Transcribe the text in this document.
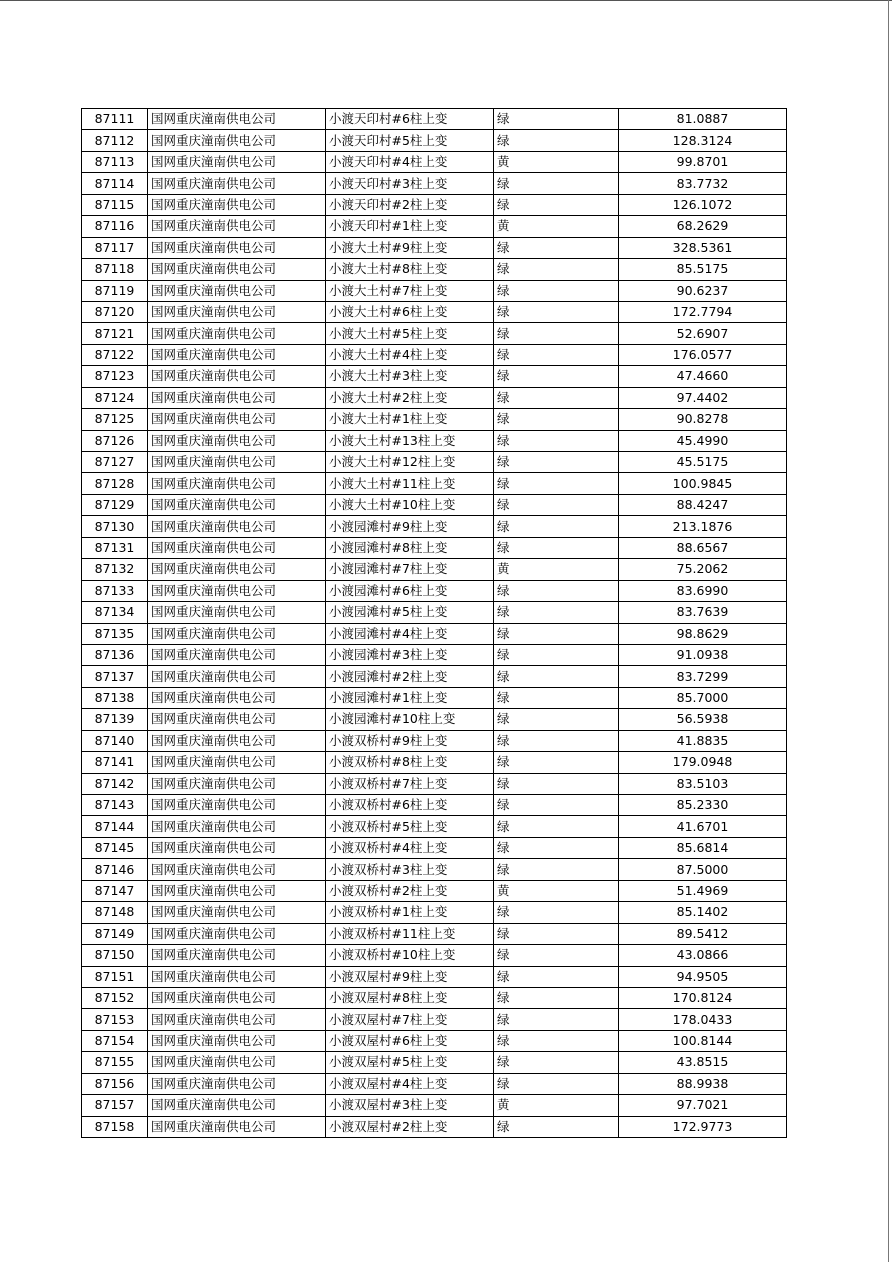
87111	国网重庆潼南供电公司	小渡天印村#6柱上变	绿	81.0887
87112	国网重庆潼南供电公司	小渡天印村#5柱上变	绿	128.3124
87113	国网重庆潼南供电公司	小渡天印村#4柱上变	黄	99.8701
87114	国网重庆潼南供电公司	小渡天印村#3柱上变	绿	83.7732
87115	国网重庆潼南供电公司	小渡天印村#2柱上变	绿	126.1072
87116	国网重庆潼南供电公司	小渡天印村#1柱上变	黄	68.2629
87117	国网重庆潼南供电公司	小渡大土村#9柱上变	绿	328.5361
87118	国网重庆潼南供电公司	小渡大土村#8柱上变	绿	85.5175
87119	国网重庆潼南供电公司	小渡大土村#7柱上变	绿	90.6237
87120	国网重庆潼南供电公司	小渡大土村#6柱上变	绿	172.7794
87121	国网重庆潼南供电公司	小渡大土村#5柱上变	绿	52.6907
87122	国网重庆潼南供电公司	小渡大土村#4柱上变	绿	176.0577
87123	国网重庆潼南供电公司	小渡大土村#3柱上变	绿	47.4660
87124	国网重庆潼南供电公司	小渡大土村#2柱上变	绿	97.4402
87125	国网重庆潼南供电公司	小渡大土村#1柱上变	绿	90.8278
87126	国网重庆潼南供电公司	小渡大土村#13柱上变	绿	45.4990
87127	国网重庆潼南供电公司	小渡大土村#12柱上变	绿	45.5175
87128	国网重庆潼南供电公司	小渡大土村#11柱上变	绿	100.9845
87129	国网重庆潼南供电公司	小渡大土村#10柱上变	绿	88.4247
87130	国网重庆潼南供电公司	小渡园滩村#9柱上变	绿	213.1876
87131	国网重庆潼南供电公司	小渡园滩村#8柱上变	绿	88.6567
87132	国网重庆潼南供电公司	小渡园滩村#7柱上变	黄	75.2062
87133	国网重庆潼南供电公司	小渡园滩村#6柱上变	绿	83.6990
87134	国网重庆潼南供电公司	小渡园滩村#5柱上变	绿	83.7639
87135	国网重庆潼南供电公司	小渡园滩村#4柱上变	绿	98.8629
87136	国网重庆潼南供电公司	小渡园滩村#3柱上变	绿	91.0938
87137	国网重庆潼南供电公司	小渡园滩村#2柱上变	绿	83.7299
87138	国网重庆潼南供电公司	小渡园滩村#1柱上变	绿	85.7000
87139	国网重庆潼南供电公司	小渡园滩村#10柱上变	绿	56.5938
87140	国网重庆潼南供电公司	小渡双桥村#9柱上变	绿	41.8835
87141	国网重庆潼南供电公司	小渡双桥村#8柱上变	绿	179.0948
87142	国网重庆潼南供电公司	小渡双桥村#7柱上变	绿	83.5103
87143	国网重庆潼南供电公司	小渡双桥村#6柱上变	绿	85.2330
87144	国网重庆潼南供电公司	小渡双桥村#5柱上变	绿	41.6701
87145	国网重庆潼南供电公司	小渡双桥村#4柱上变	绿	85.6814
87146	国网重庆潼南供电公司	小渡双桥村#3柱上变	绿	87.5000
87147	国网重庆潼南供电公司	小渡双桥村#2柱上变	黄	51.4969
87148	国网重庆潼南供电公司	小渡双桥村#1柱上变	绿	85.1402
87149	国网重庆潼南供电公司	小渡双桥村#11柱上变	绿	89.5412
87150	国网重庆潼南供电公司	小渡双桥村#10柱上变	绿	43.0866
87151	国网重庆潼南供电公司	小渡双屋村#9柱上变	绿	94.9505
87152	国网重庆潼南供电公司	小渡双屋村#8柱上变	绿	170.8124
87153	国网重庆潼南供电公司	小渡双屋村#7柱上变	绿	178.0433
87154	国网重庆潼南供电公司	小渡双屋村#6柱上变	绿	100.8144
87155	国网重庆潼南供电公司	小渡双屋村#5柱上变	绿	43.8515
87156	国网重庆潼南供电公司	小渡双屋村#4柱上变	绿	88.9938
87157	国网重庆潼南供电公司	小渡双屋村#3柱上变	黄	97.7021
87158	国网重庆潼南供电公司	小渡双屋村#2柱上变	绿	172.9773
